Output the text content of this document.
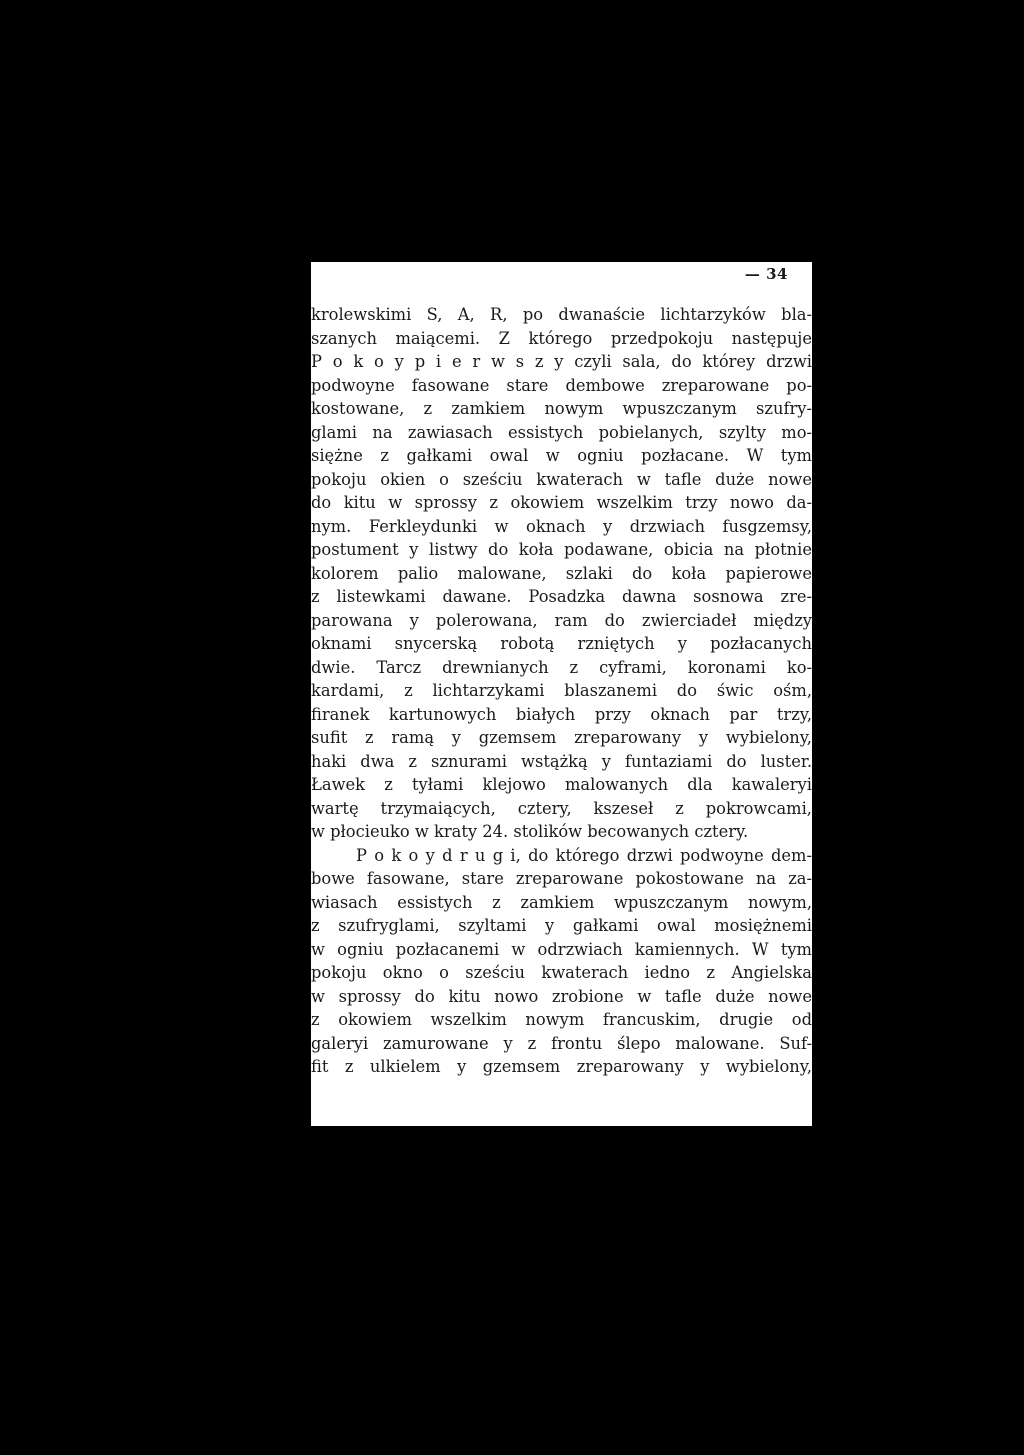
— 34
krolewskimi S, A, R, po dwanaście lichtarzyków bla-
szanych maiącemi. Z którego przedpokoju następuje
P o k o y p i e r w s z y czyli sala, do którey drzwi
podwoyne fasowane stare dembowe zreparowane po-
kostowane, z zamkiem nowym wpuszczanym szufry-
glami na zawiasach essistych pobielanych, szylty mo-
siężne z gałkami owal w ogniu pozłacane. W tym
pokoju okien o sześciu kwaterach w tafle duże nowe
do kitu w sprossy z okowiem wszelkim trzy nowo da-
nym. Ferkleydunki w oknach y drzwiach fusgzemsy,
postument y listwy do koła podawane, obicia na płotnie
kolorem palio malowane, szlaki do koła papierowe
z listewkami dawane. Posadzka dawna sosnowa zre-
parowana y polerowana, ram do zwierciadeł między
oknami snycerską robotą rzniętych y pozłacanych
dwie. Tarcz drewnianych z cyframi, koronami ko-
kardami, z lichtarzykami blaszanemi do świc ośm,
firanek kartunowych białych przy oknach par trzy,
sufit z ramą y gzemsem zreparowany y wybielony,
haki dwa z sznurami wstążką y funtaziami do luster.
Ławek z tyłami klejowo malowanych dla kawaleryi
wartę trzymaiących, cztery, kszeseł z pokrowcami,
w płocieuko w kraty 24. stolików becowanych cztery.
P o k o y d r u g i, do którego drzwi podwoyne dem-
bowe fasowane, stare zreparowane pokostowane na za-
wiasach essistych z zamkiem wpuszczanym nowym,
z szufryglami, szyltami y gałkami owal mosiężnemi
w ogniu pozłacanemi w odrzwiach kamiennych. W tym
pokoju okno o sześciu kwaterach iedno z Angielska
w sprossy do kitu nowo zrobione w tafle duże nowe
z okowiem wszelkim nowym francuskim, drugie od
galeryi zamurowane y z frontu ślepo malowane. Suf-
fit z ulkielem y gzemsem zreparowany y wybielony,
